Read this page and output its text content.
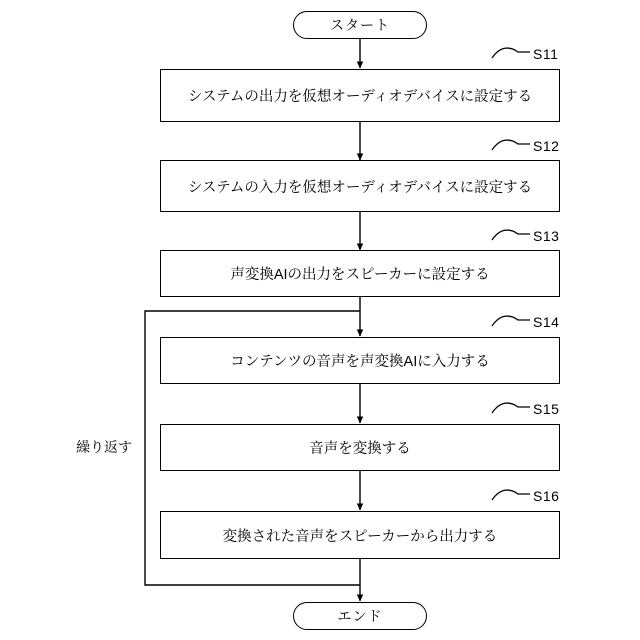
スタート
システムの出力を仮想オーディオデバイスに設定する
S11
システムの入力を仮想オーディオデバイスに設定する
S12
声変換AIの出力をスピーカーに設定する
S13
コンテンツの音声を声変換AIに入力する
S14
音声を変換する
S15
変換された音声をスピーカーから出力する
S16
繰り返す
エンド
